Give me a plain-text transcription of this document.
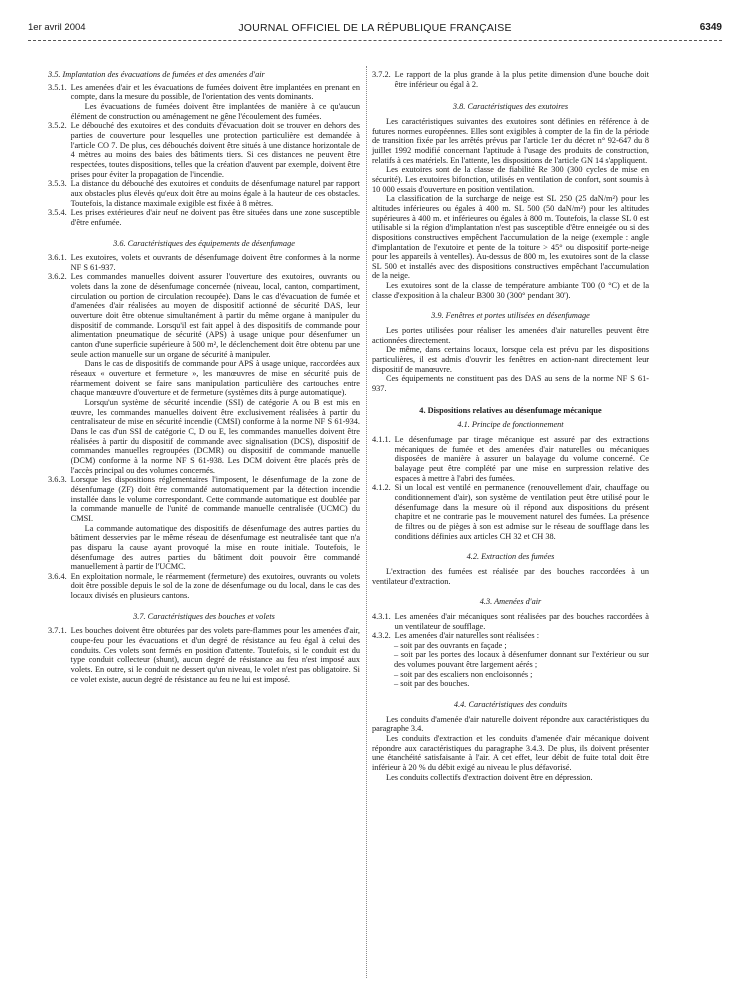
1er avril 2004	JOURNAL OFFICIEL DE LA RÉPUBLIQUE FRANÇAISE	6349

3.5. Implantation des évacuations de fumées et des amenées d'air

3.5.1. Les amenées d'air et les évacuations de fumées doivent être implantées en prenant en compte, dans la mesure du possible, de l'orientation des vents dominants.

Les évacuations de fumées doivent être implantées de manière à ce qu'aucun élément de construction ou aménagement ne gêne l'écoulement des fumées.

3.5.2. Le débouché des exutoires et des conduits d'évacuation doit se trouver en dehors des parties de couverture pour lesquelles une protection particulière est demandée à l'article CO 7. De plus, ces débouchés doivent être situés à une distance horizontale de 4 mètres au moins des baies des bâtiments tiers. Si ces distances ne peuvent être respectées, toutes dispositions, telles que la création d'auvent par exemple, doivent être prises pour éviter la propagation de l'incendie.

3.5.3. La distance du débouché des exutoires et conduits de désenfumage naturel par rapport aux obstacles plus élevés qu'eux doit être au moins égale à la hauteur de ces obstacles. Toutefois, la distance maximale exigible est fixée à 8 mètres.

3.5.4. Les prises extérieures d'air neuf ne doivent pas être situées dans une zone susceptible d'être enfumée.

3.6. Caractéristiques des équipements de désenfumage

3.6.1. Les exutoires, volets et ouvrants de désenfumage doivent être conformes à la norme NF S 61-937.

3.6.2. Les commandes manuelles doivent assurer l'ouverture des exutoires, ouvrants ou volets dans la zone de désenfumage concernée (niveau, local, canton, compartiment, circulation ou portion de circulation recoupée). Dans le cas d'évacuation de fumée et d'amenées d'air réalisées au moyen de dispositif actionné de sécurité DAS, leur ouverture doit être obtenue simultanément à partir du même organe à manipuler du dispositif de commande. Lorsqu'il est fait appel à des dispositifs de commande pour alimentation pneumatique de sécurité (APS) à usage unique pour désenfumer un canton d'une superficie supérieure à 500 m², le déclenchement doit être obtenu par une seule action manuelle sur un organe de sécurité à manipuler.

Dans le cas de dispositifs de commande pour APS à usage unique, raccordées aux réseaux « ouverture et fermeture », les manœuvres de mise en sécurité puis de réarmement doivent se faire sans manipulation particulière des cartouches entre chaque manœuvre d'ouverture et de fermeture (systèmes dits à purge automatique).

Lorsqu'un système de sécurité incendie (SSI) de catégorie A ou B est mis en œuvre, les commandes manuelles doivent être exclusivement réalisées à partir du centralisateur de mise en sécurité incendie (CMSI) conforme à la norme NF S 61-934. Dans le cas d'un SSI de catégorie C, D ou E, les commandes manuelles doivent être réalisées à partir du dispositif de commande avec signalisation (DCS), dispositif de commandes manuelles regroupées (DCMR) ou dispositif de commande manuelle (DCM) conforme à la norme NF S 61-938. Les DCM doivent être placés près de l'accès principal ou des volumes concernés.

3.6.3. Lorsque les dispositions réglementaires l'imposent, le désenfumage de la zone de désenfumage (ZF) doit être commandé automatiquement par la détection incendie installée dans le volume correspondant. Cette commande automatique est doublée par la commande manuelle de l'unité de commande manuelle centralisée (UCMC) du CMSI.

La commande automatique des dispositifs de désenfumage des autres parties du bâtiment desservies par le même réseau de désenfumage est neutralisée tant que n'a pas disparu la cause ayant provoqué la mise en route initiale. Toutefois, le désenfumage des autres parties du bâtiment doit pouvoir être commandé manuellement à partir de l'UCMC.

3.6.4. En exploitation normale, le réarmement (fermeture) des exutoires, ouvrants ou volets doit être possible depuis le sol de la zone de désenfumage ou du local, dans le cas des locaux divisés en plusieurs cantons.

3.7. Caractéristiques des bouches et volets

3.7.1. Les bouches doivent être obturées par des volets pare-flammes pour les amenées d'air, coupe-feu pour les évacuations et d'un degré de résistance au feu égal à celui des conduits. Ces volets sont fermés en position d'attente. Toutefois, si le conduit est du type conduit collecteur (shunt), aucun degré de résistance au feu n'est imposé aux volets. En outre, si le conduit ne dessert qu'un niveau, le volet n'est pas obligatoire. Si ce volet existe, aucun degré de résistance au feu ne lui est imposé.

3.7.2. Le rapport de la plus grande à la plus petite dimension d'une bouche doit être inférieur ou égal à 2.

3.8. Caractéristiques des exutoires

Les caractéristiques suivantes des exutoires sont définies en référence à de futures normes européennes. Elles sont exigibles à compter de la fin de la période de transition fixée par les arrêtés prévus par l'article 1er du décret n° 92-647 du 8 juillet 1992 modifié concernant l'aptitude à l'usage des produits de construction, relatifs à ces matériels. En l'attente, les dispositions de l'article GN 14 s'appliquent.

Les exutoires sont de la classe de fiabilité Re 300 (300 cycles de mise en sécurité). Les exutoires bifonction, utilisés en ventilation de confort, sont soumis à 10 000 essais d'ouverture en position ventilation.

La classification de la surcharge de neige est SL 250 (25 daN/m²) pour les altitudes inférieures ou égales à 400 m. SL 500 (50 daN/m²) pour les altitudes supérieures à 400 m. et inférieures ou égales à 800 m. Toutefois, la classe SL 0 est utilisable si la région d'implantation n'est pas susceptible d'être enneigée ou si des dispositions constructives empêchent l'accumulation de la neige (exemple : angle d'implantation de l'exutoire et pente de la toiture > 45° ou dispositif porte-neige pour les appareils à ventelles). Au-dessus de 800 m, les exutoires sont de la classe SL 500 et installés avec des dispositions constructives empêchant l'accumulation de la neige.

Les exutoires sont de la classe de température ambiante T00 (0 °C) et de la classe d'exposition à la chaleur B300 30 (300° pendant 30').

3.9. Fenêtres et portes utilisées en désenfumage

Les portes utilisées pour réaliser les amenées d'air naturelles peuvent être actionnées directement.

De même, dans certains locaux, lorsque cela est prévu par les dispositions particulières, il est admis d'ouvrir les fenêtres en action-nant directement leur dispositif de manœuvre.

Ces équipements ne constituent pas des DAS au sens de la norme NF S 61-937.

4. Dispositions relatives au désenfumage mécanique

4.1. Principe de fonctionnement

4.1.1. Le désenfumage par tirage mécanique est assuré par des extractions mécaniques de fumée et des amenées d'air naturelles ou mécaniques disposées de manière à assurer un balayage du volume concerné. Ce balayage peut être complété par une mise en surpression relative des espaces à mettre à l'abri des fumées.

4.1.2. Si un local est ventilé en permanence (renouvellement d'air, chauffage ou conditionnement d'air), son système de ventilation peut être utilisé pour le désenfumage dans la mesure où il répond aux dispositions du présent chapitre et ne contrarie pas le mouvement naturel des fumées. La présence de filtres ou de pièges à son est admise sur le réseau de soufflage dans les conditions définies aux articles CH 32 et CH 38.

4.2. Extraction des fumées

L'extraction des fumées est réalisée par des bouches raccordées à un ventilateur d'extraction.

4.3. Amenées d'air

4.3.1. Les amenées d'air mécaniques sont réalisées par des bouches raccordées à un ventilateur de soufflage.

4.3.2. Les amenées d'air naturelles sont réalisées :

– soit par des ouvrants en façade ;

– soit par les portes des locaux à désenfumer donnant sur l'extérieur ou sur des volumes pouvant être largement aérés ;

– soit par des escaliers non encloisonnés ;

– soit par des bouches.

4.4. Caractéristiques des conduits

Les conduits d'amenée d'air naturelle doivent répondre aux caractéristiques du paragraphe 3.4.

Les conduits d'extraction et les conduits d'amenée d'air mécanique doivent répondre aux caractéristiques du paragraphe 3.4.3. De plus, ils doivent présenter une étanchéité satisfaisante à l'air. A cet effet, leur débit de fuite total doit être inférieur à 20 % du débit exigé au niveau le plus défavorisé.

Les conduits collectifs d'extraction doivent être en dépression.
